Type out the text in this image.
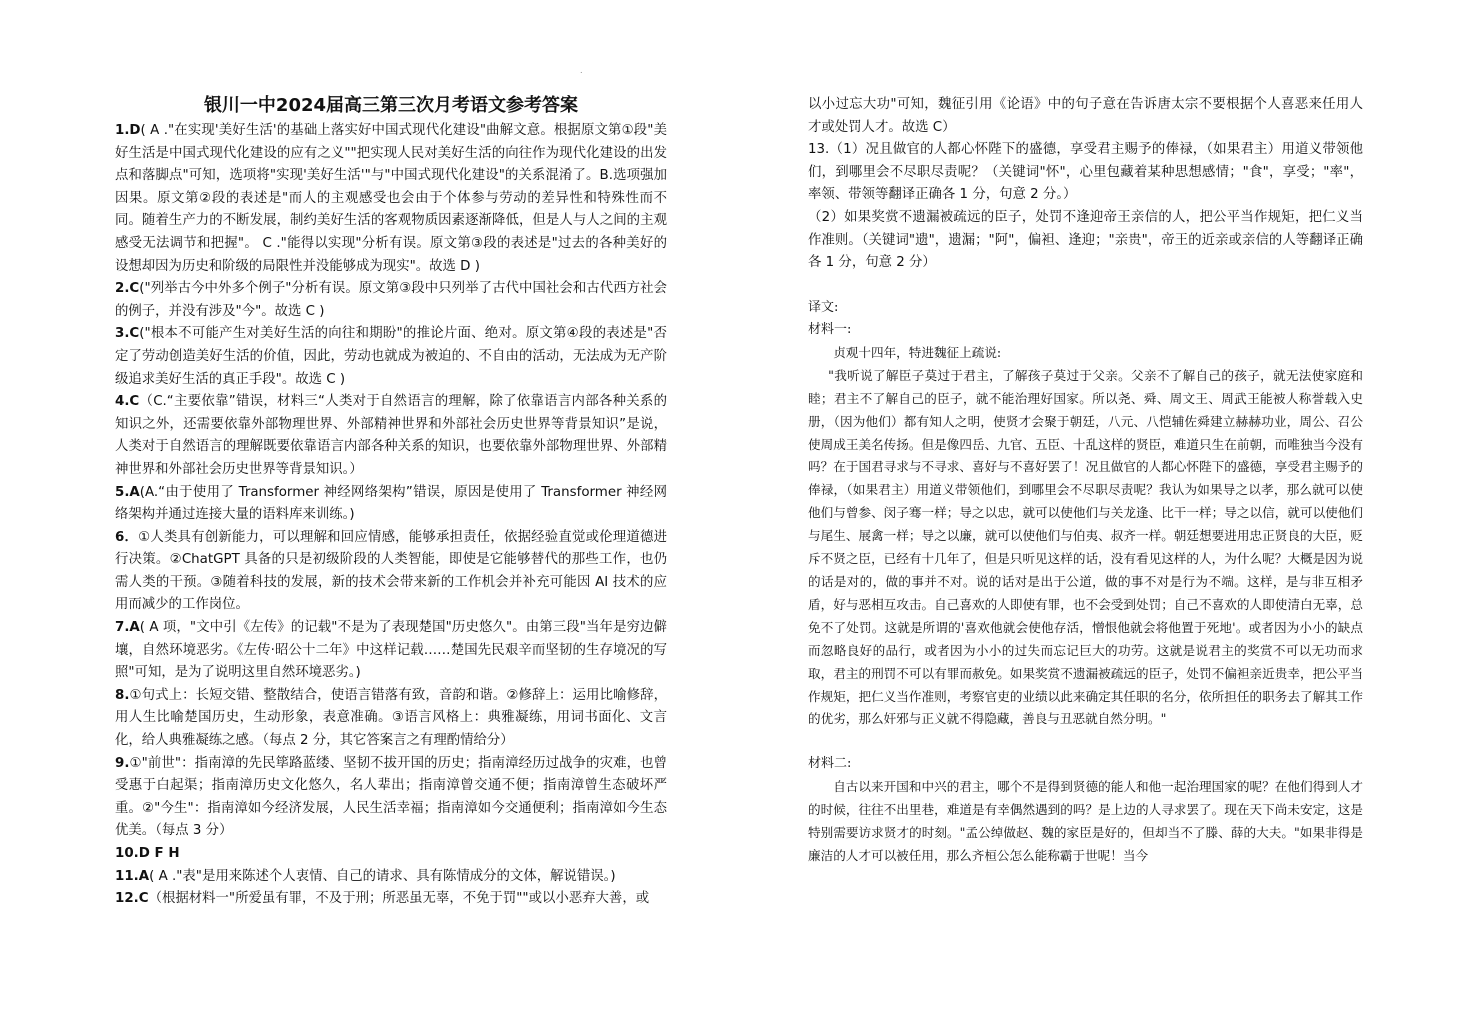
.
银川一中2024届高三第三次月考语文参考答案

1.D( A ."在实现'美好生活'的基础上落实好中国式现代化建设"曲解文意。根据原文第①段"美好生活是中国式现代化建设的应有之义""把实现人民对美好生活的向往作为现代化建设的出发点和落脚点"可知，选项将"实现'美好生活'"与"中国式现代化建设"的关系混淆了。B.选项强加因果。原文第②段的表述是"而人的主观感受也会由于个体参与劳动的差异性和特殊性而不同。随着生产力的不断发展，制约美好生活的客观物质因素逐渐降低，但是人与人之间的主观感受无法调节和把握"。 C ."能得以实现"分析有误。原文第③段的表述是"过去的各种美好的设想却因为历史和阶级的局限性并没能够成为现实"。故选 D )

2.C("列举古今中外多个例子"分析有误。原文第③段中只列举了古代中国社会和古代西方社会的例子，并没有涉及"今"。故选 C )

3.C("根本不可能产生对美好生活的向往和期盼"的推论片面、绝对。原文第④段的表述是"否定了劳动创造美好生活的价值，因此，劳动也就成为被迫的、不自由的活动，无法成为无产阶级追求美好生活的真正手段"。故选 C )

4.C（C.“主要依靠”错误，材料三“人类对于自然语言的理解，除了依靠语言内部各种关系的知识之外，还需要依靠外部物理世界、外部精神世界和外部社会历史世界等背景知识”是说，人类对于自然语言的理解既要依靠语言内部各种关系的知识，也要依靠外部物理世界、外部精神世界和外部社会历史世界等背景知识。）

5.A(A.“由于使用了 Transformer 神经网络架构”错误，原因是使用了 Transformer 神经网络架构并通过连接大量的语料库来训练。)

6．①人类具有创新能力，可以理解和回应情感，能够承担责任，依据经验直觉或伦理道德进行决策。②ChatGPT 具备的只是初级阶段的人类智能，即使是它能够替代的那些工作，也仍需人类的干预。③随着科技的发展，新的技术会带来新的工作机会并补充可能因 AI 技术的应用而减少的工作岗位。

7.A( A 项，"文中引《左传》的记载"不是为了表现楚国"历史悠久"。由第三段"当年是穷边僻壤，自然环境恶劣。《左传·昭公十二年》中这样记载……楚国先民艰辛而坚韧的生存境况的写照"可知，是为了说明这里自然环境恶劣。)

8.①句式上：长短交错、整散结合，使语言错落有致，音韵和谐。②修辞上：运用比喻修辞，用人生比喻楚国历史，生动形象，表意准确。③语言风格上：典雅凝练，用词书面化、文言化，给人典雅凝练之感。（每点 2 分，其它答案言之有理酌情给分）

9.①"前世"：指南漳的先民筚路蓝缕、坚韧不拔开国的历史；指南漳经历过战争的灾难，也曾受惠于白起渠；指南漳历史文化悠久，名人辈出；指南漳曾交通不便；指南漳曾生态破坏严重。②"今生"：指南漳如今经济发展，人民生活幸福；指南漳如今交通便利；指南漳如今生态优美。（每点 3 分）

10.D F H

11.A( A ."表"是用来陈述个人衷情、自己的请求、具有陈情成分的文体，解说错误。)

12.C（根据材料一"所爱虽有罪，不及于刑；所恶虽无辜，不免于罚""或以小恶弃大善，或

以小过忘大功"可知，魏征引用《论语》中的句子意在告诉唐太宗不要根据个人喜恶来任用人才或处罚人才。故选 C）

13.（1）况且做官的人都心怀陛下的盛德，享受君主赐予的俸禄，（如果君主）用道义带领他们，到哪里会不尽职尽责呢？（关键词"怀"，心里包藏着某种思想感情；"食"，享受；"率"，率领、带领等翻译正确各 1 分，句意 2 分。）

（2）如果奖赏不遗漏被疏远的臣子，处罚不逢迎帝王亲信的人，把公平当作规矩，把仁义当作准则。（关键词"遗"，遗漏；"阿"，偏袒、逢迎；"亲贵"，帝王的近亲或亲信的人等翻译正确各 1 分，句意 2 分）

译文:

材料一:

贞观十四年，特进魏征上疏说:

"我听说了解臣子莫过于君主，了解孩子莫过于父亲。父亲不了解自己的孩子，就无法使家庭和睦；君主不了解自己的臣子，就不能治理好国家。所以尧、舜、周文王、周武王能被人称誉载入史册，（因为他们）都有知人之明，使贤才会聚于朝廷，八元、八恺辅佐舜建立赫赫功业，周公、召公使周成王美名传扬。但是像四岳、九官、五臣、十乱这样的贤臣，难道只生在前朝，而唯独当今没有吗？在于国君寻求与不寻求、喜好与不喜好罢了！况且做官的人都心怀陛下的盛德，享受君主赐予的俸禄，（如果君主）用道义带领他们，到哪里会不尽职尽责呢？我认为如果导之以孝，那么就可以使他们与曾参、闵子骞一样；导之以忠，就可以使他们与关龙逢、比干一样；导之以信，就可以使他们与尾生、展禽一样；导之以廉，就可以使他们与伯夷、叔齐一样。朝廷想要进用忠正贤良的大臣，贬斥不贤之臣，已经有十几年了，但是只听见这样的话，没有看见这样的人，为什么呢？大概是因为说的话是对的，做的事并不对。说的话对是出于公道，做的事不对是行为不端。这样，是与非互相矛盾，好与恶相互攻击。自己喜欢的人即使有罪，也不会受到处罚；自己不喜欢的人即使清白无辜，总免不了处罚。这就是所谓的'喜欢他就会使他存活，憎恨他就会将他置于死地'。或者因为小小的缺点而忽略良好的品行，或者因为小小的过失而忘记巨大的功劳。这就是说君主的奖赏不可以无功而求取，君主的刑罚不可以有罪而赦免。如果奖赏不遗漏被疏远的臣子，处罚不偏袒亲近贵幸，把公平当作规矩，把仁义当作准则，考察官吏的业绩以此来确定其任职的名分，依所担任的职务去了解其工作的优劣，那么奸邪与正义就不得隐藏，善良与丑恶就自然分明。"

材料二:

自古以来开国和中兴的君主，哪个不是得到贤德的能人和他一起治理国家的呢？在他们得到人才的时候，往往不出里巷，难道是有幸偶然遇到的吗？是上边的人寻求罢了。现在天下尚未安定，这是特别需要访求贤才的时刻。"孟公绰做赵、魏的家臣是好的，但却当不了滕、薛的大夫。"如果非得是廉洁的人才可以被任用，那么齐桓公怎么能称霸于世呢！当今
